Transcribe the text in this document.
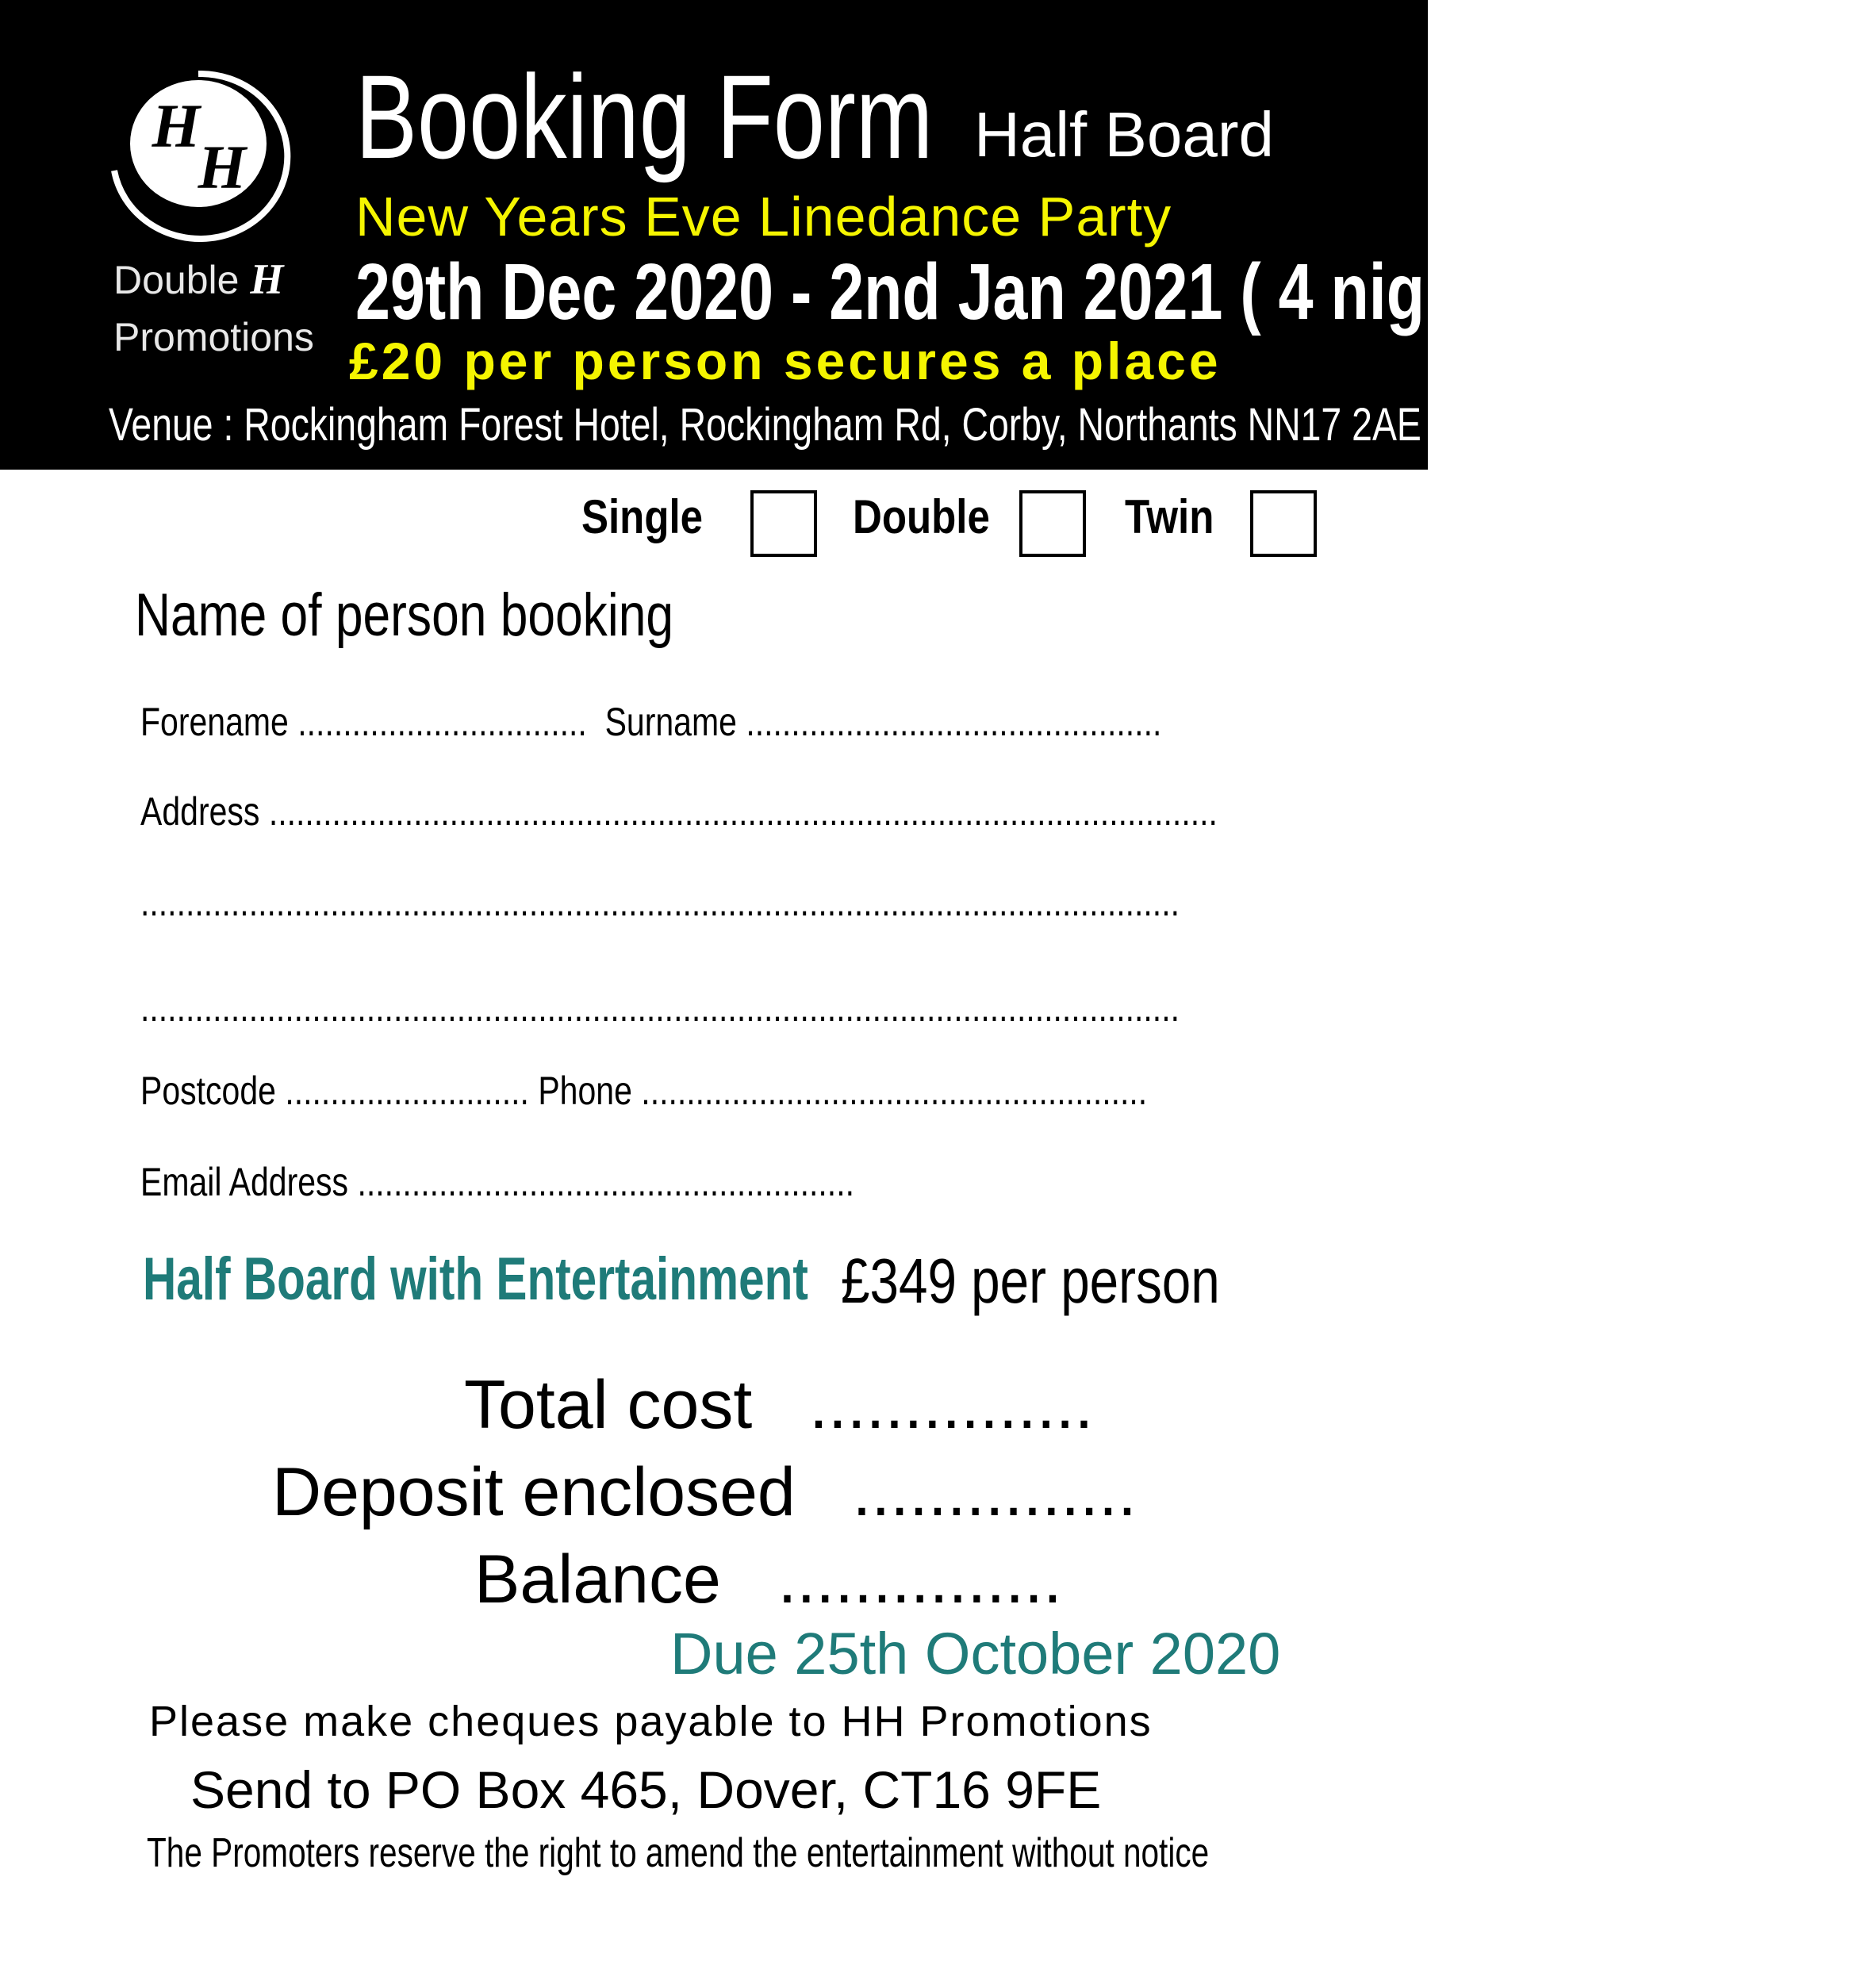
H
H
Double H
Promotions
Booking Form Half Board
New Years Eve Linedance Party
29th Dec 2020 - 2nd Jan 2021 ( 4 nights )
£20 per person secures a place
Venue : Rockingham Forest Hotel, Rockingham Rd, Corby, Northants NN17 2AE
Single	Double	Twin
Name of person booking
Forename ................................ Surname ..............................................
Address .........................................................................................................
...................................................................................................................
...................................................................................................................
Postcode ........................... Phone ........................................................
Email Address .......................................................
Half Board with Entertainment £349 per person
Total cost ...............
Deposit enclosed ...............
Balance ...............
Due 25th October 2020
Please make cheques payable to HH Promotions
Send to PO Box 465, Dover, CT16 9FE
The Promoters reserve the right to amend the entertainment without notice
